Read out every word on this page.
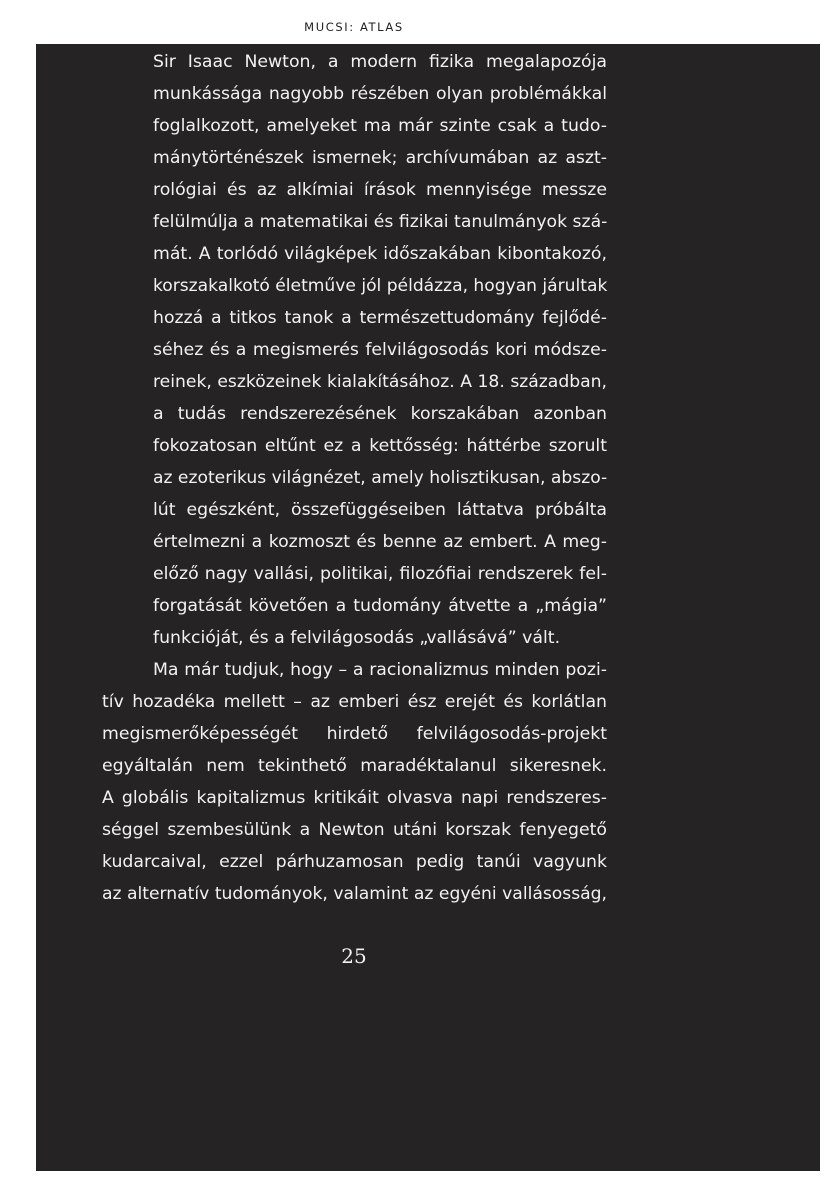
MUCSI: ATLAS
Sir Isaac Newton, a modern fizika megalapozója
munkássága nagyobb részében olyan problémákkal
foglalkozott, amelyeket ma már szinte csak a tudo-
mánytörténészek ismernek; archívumában az aszt-
rológiai és az alkímiai írások mennyisége messze
felülmúlja a matematikai és fizikai tanulmányok szá-
mát. A torlódó világképek időszakában kibontakozó,
korszakalkotó életműve jól példázza, hogyan járultak
hozzá a titkos tanok a természettudomány fejlődé-
séhez és a megismerés felvilágosodás kori módsze-
reinek, eszközeinek kialakításához. A 18. században,
a tudás rendszerezésének korszakában azonban
fokozatosan eltűnt ez a kettősség: háttérbe szorult
az ezoterikus világnézet, amely holisztikusan, abszo-
lút egészként, összefüggéseiben láttatva próbálta
értelmezni a kozmoszt és benne az embert. A meg-
előző nagy vallási, politikai, filozófiai rendszerek fel-
forgatását követően a tudomány átvette a „mágia”
funkcióját, és a felvilágosodás „vallásává” vált.
Ma már tudjuk, hogy – a racionalizmus minden pozi-
tív hozadéka mellett – az emberi ész erejét és korlátlan
megismerőképességét hirdető felvilágosodás-projekt
egyáltalán nem tekinthető maradéktalanul sikeresnek.
A globális kapitalizmus kritikáit olvasva napi rendszeres-
séggel szembesülünk a Newton utáni korszak fenyegető
kudarcaival, ezzel párhuzamosan pedig tanúi vagyunk
az alternatív tudományok, valamint az egyéni vallásosság,
25
